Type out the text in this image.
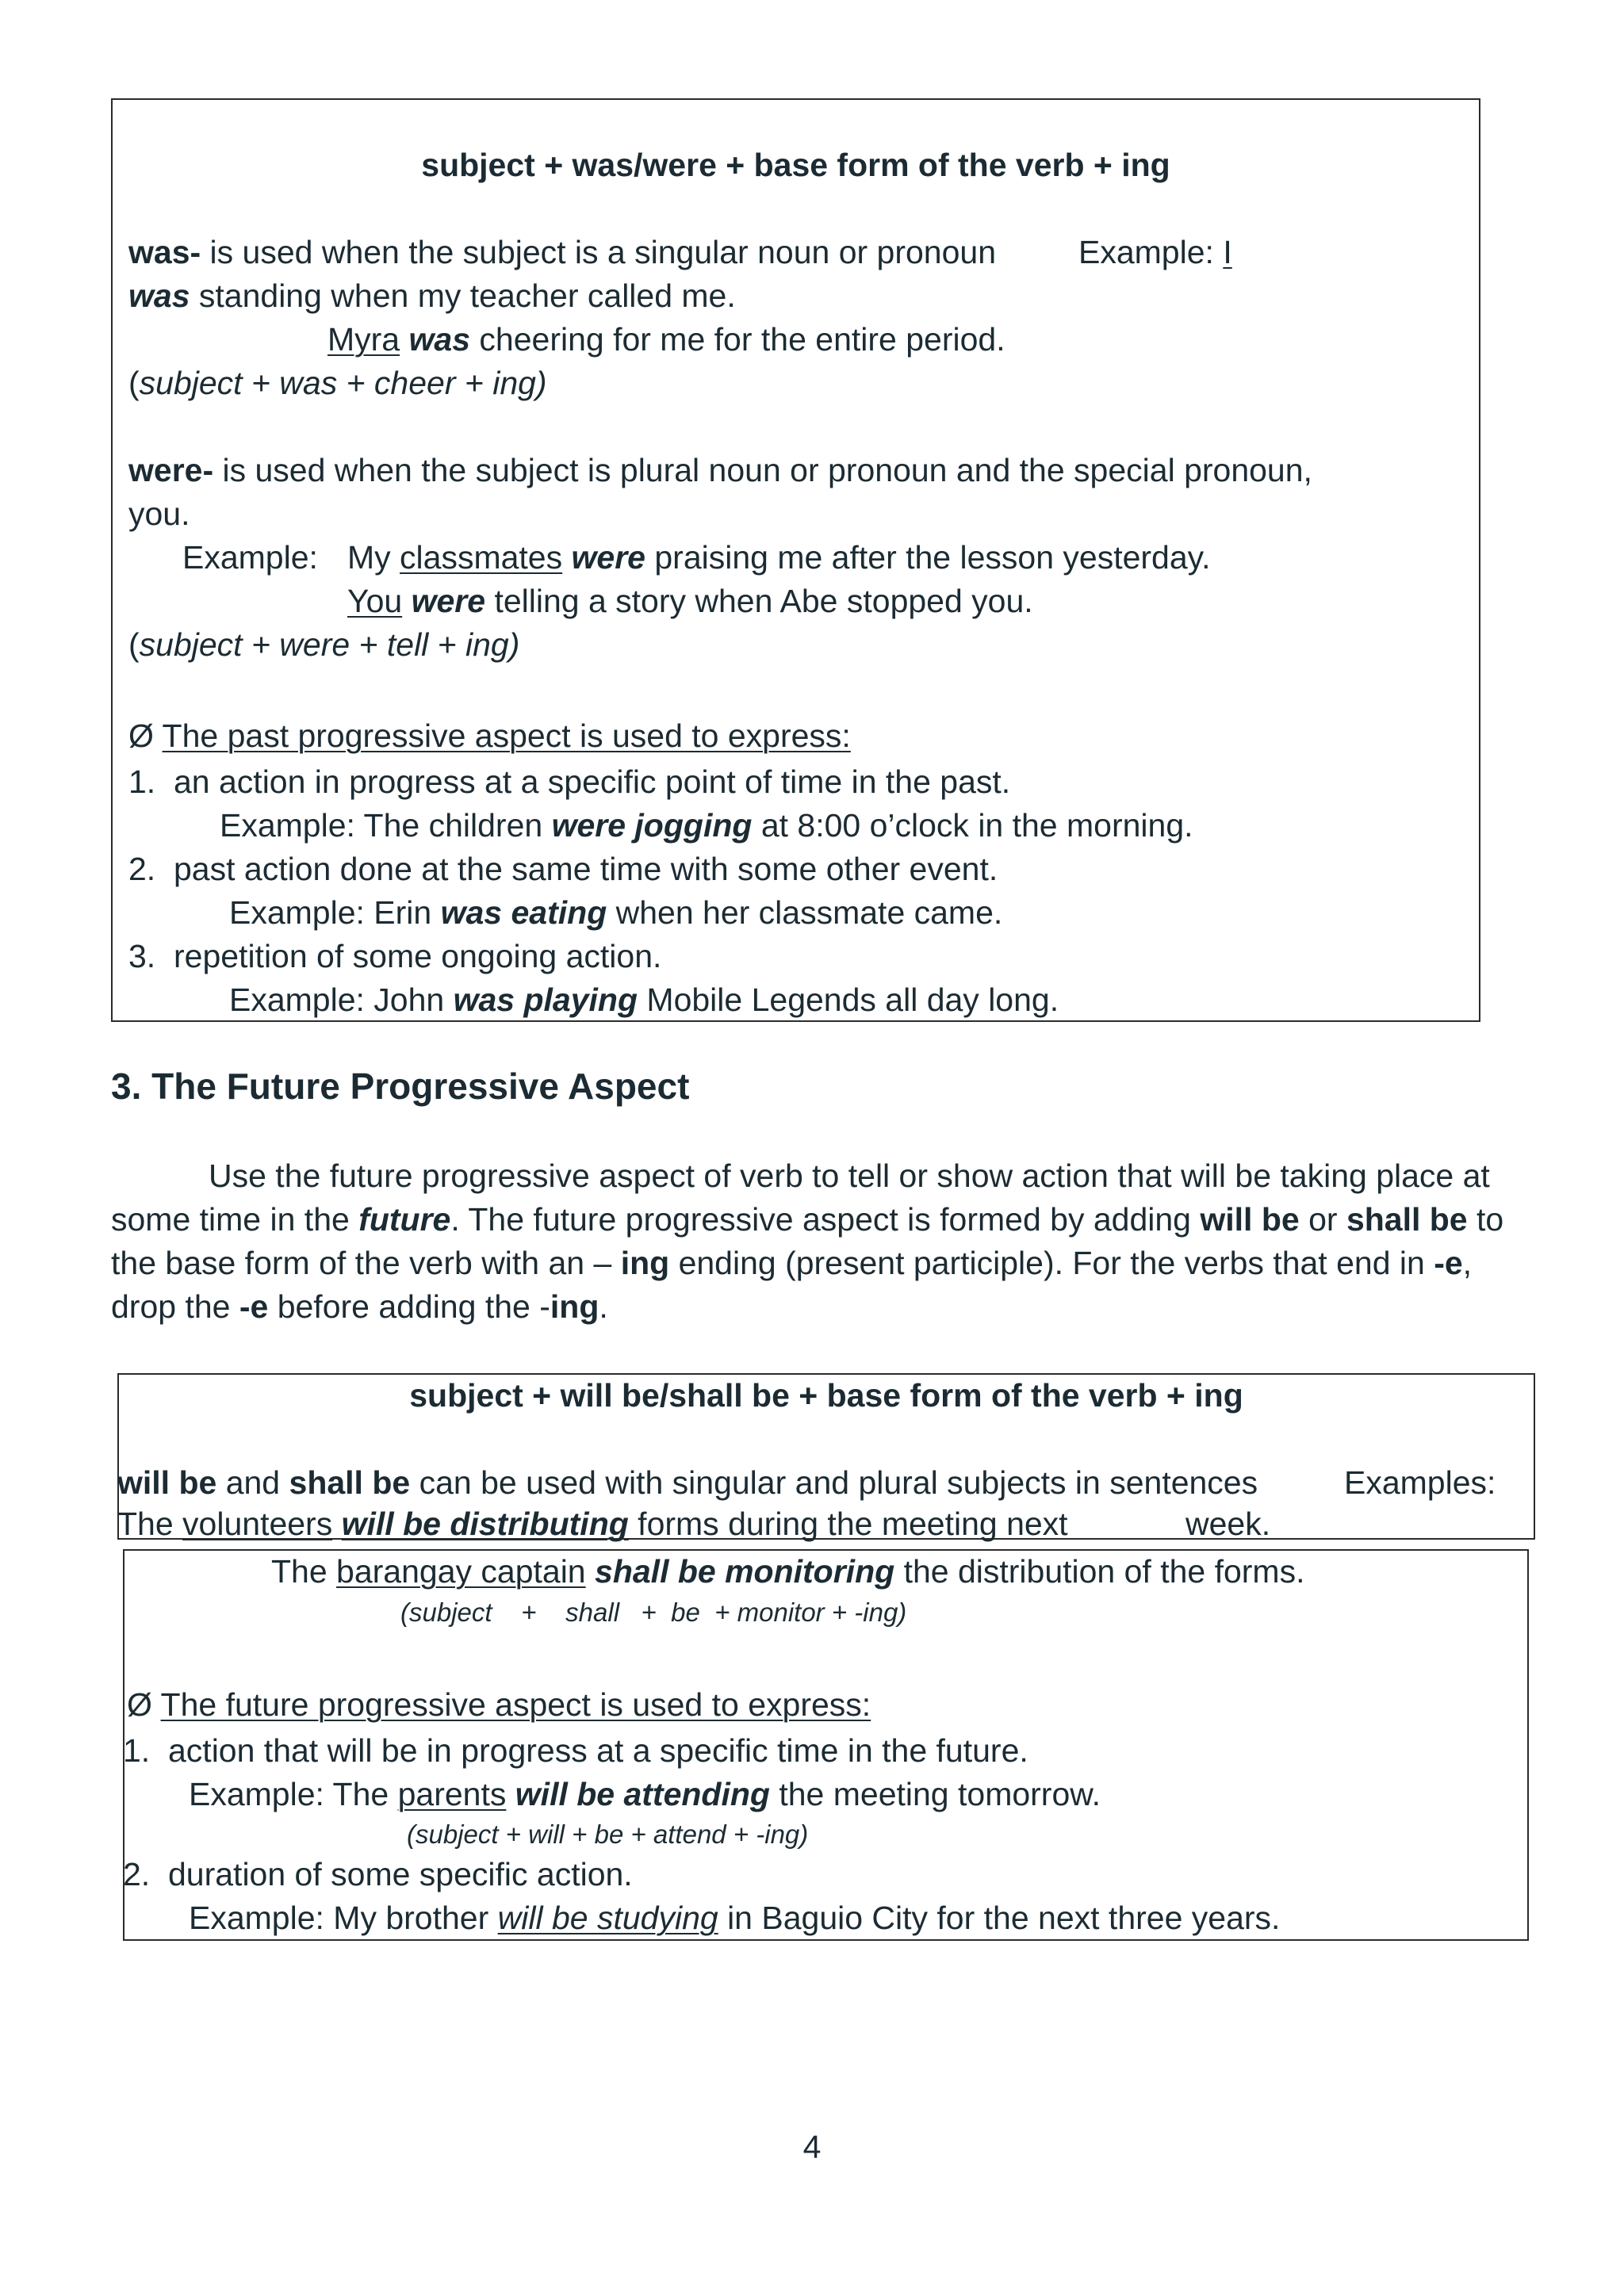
subject + was/were + base form of the verb + ing
was- is used when the subject is a singular noun or pronoun	Example: I
was standing when my teacher called me.
Myra was cheering for me for the entire period.
(subject + was + cheer + ing)
were- is used when the subject is plural noun or pronoun and the special pronoun,
you.
Example: My classmates were praising me after the lesson yesterday.
You were telling a story when Abe stopped you.
(subject + were + tell + ing)
Ø The past progressive aspect is used to express:
1. an action in progress at a specific point of time in the past.
Example: The children were jogging at 8:00 o’clock in the morning.
2. past action done at the same time with some other event.
Example: Erin was eating when her classmate came.
3. repetition of some ongoing action.
Example: John was playing Mobile Legends all day long.
3. The Future Progressive Aspect
Use the future progressive aspect of verb to tell or show action that will be taking place at
some time in the future. The future progressive aspect is formed by adding will be or shall be to
the base form of the verb with an – ing ending (present participle). For the verbs that end in -e,
drop the -e before adding the -ing.
subject + will be/shall be + base form of the verb + ing
will be and shall be can be used with singular and plural subjects in sentences	Examples:
The volunteers will be distributing forms during the meeting next	week.
The barangay captain shall be monitoring the distribution of the forms.
(subject    +    shall   +  be  + monitor + -ing)
Ø The future progressive aspect is used to express:
1. action that will be in progress at a specific time in the future.
Example: The parents will be attending the meeting tomorrow.
(subject + will + be + attend + -ing)
2. duration of some specific action.
Example: My brother will be studying in Baguio City for the next three years.
4
